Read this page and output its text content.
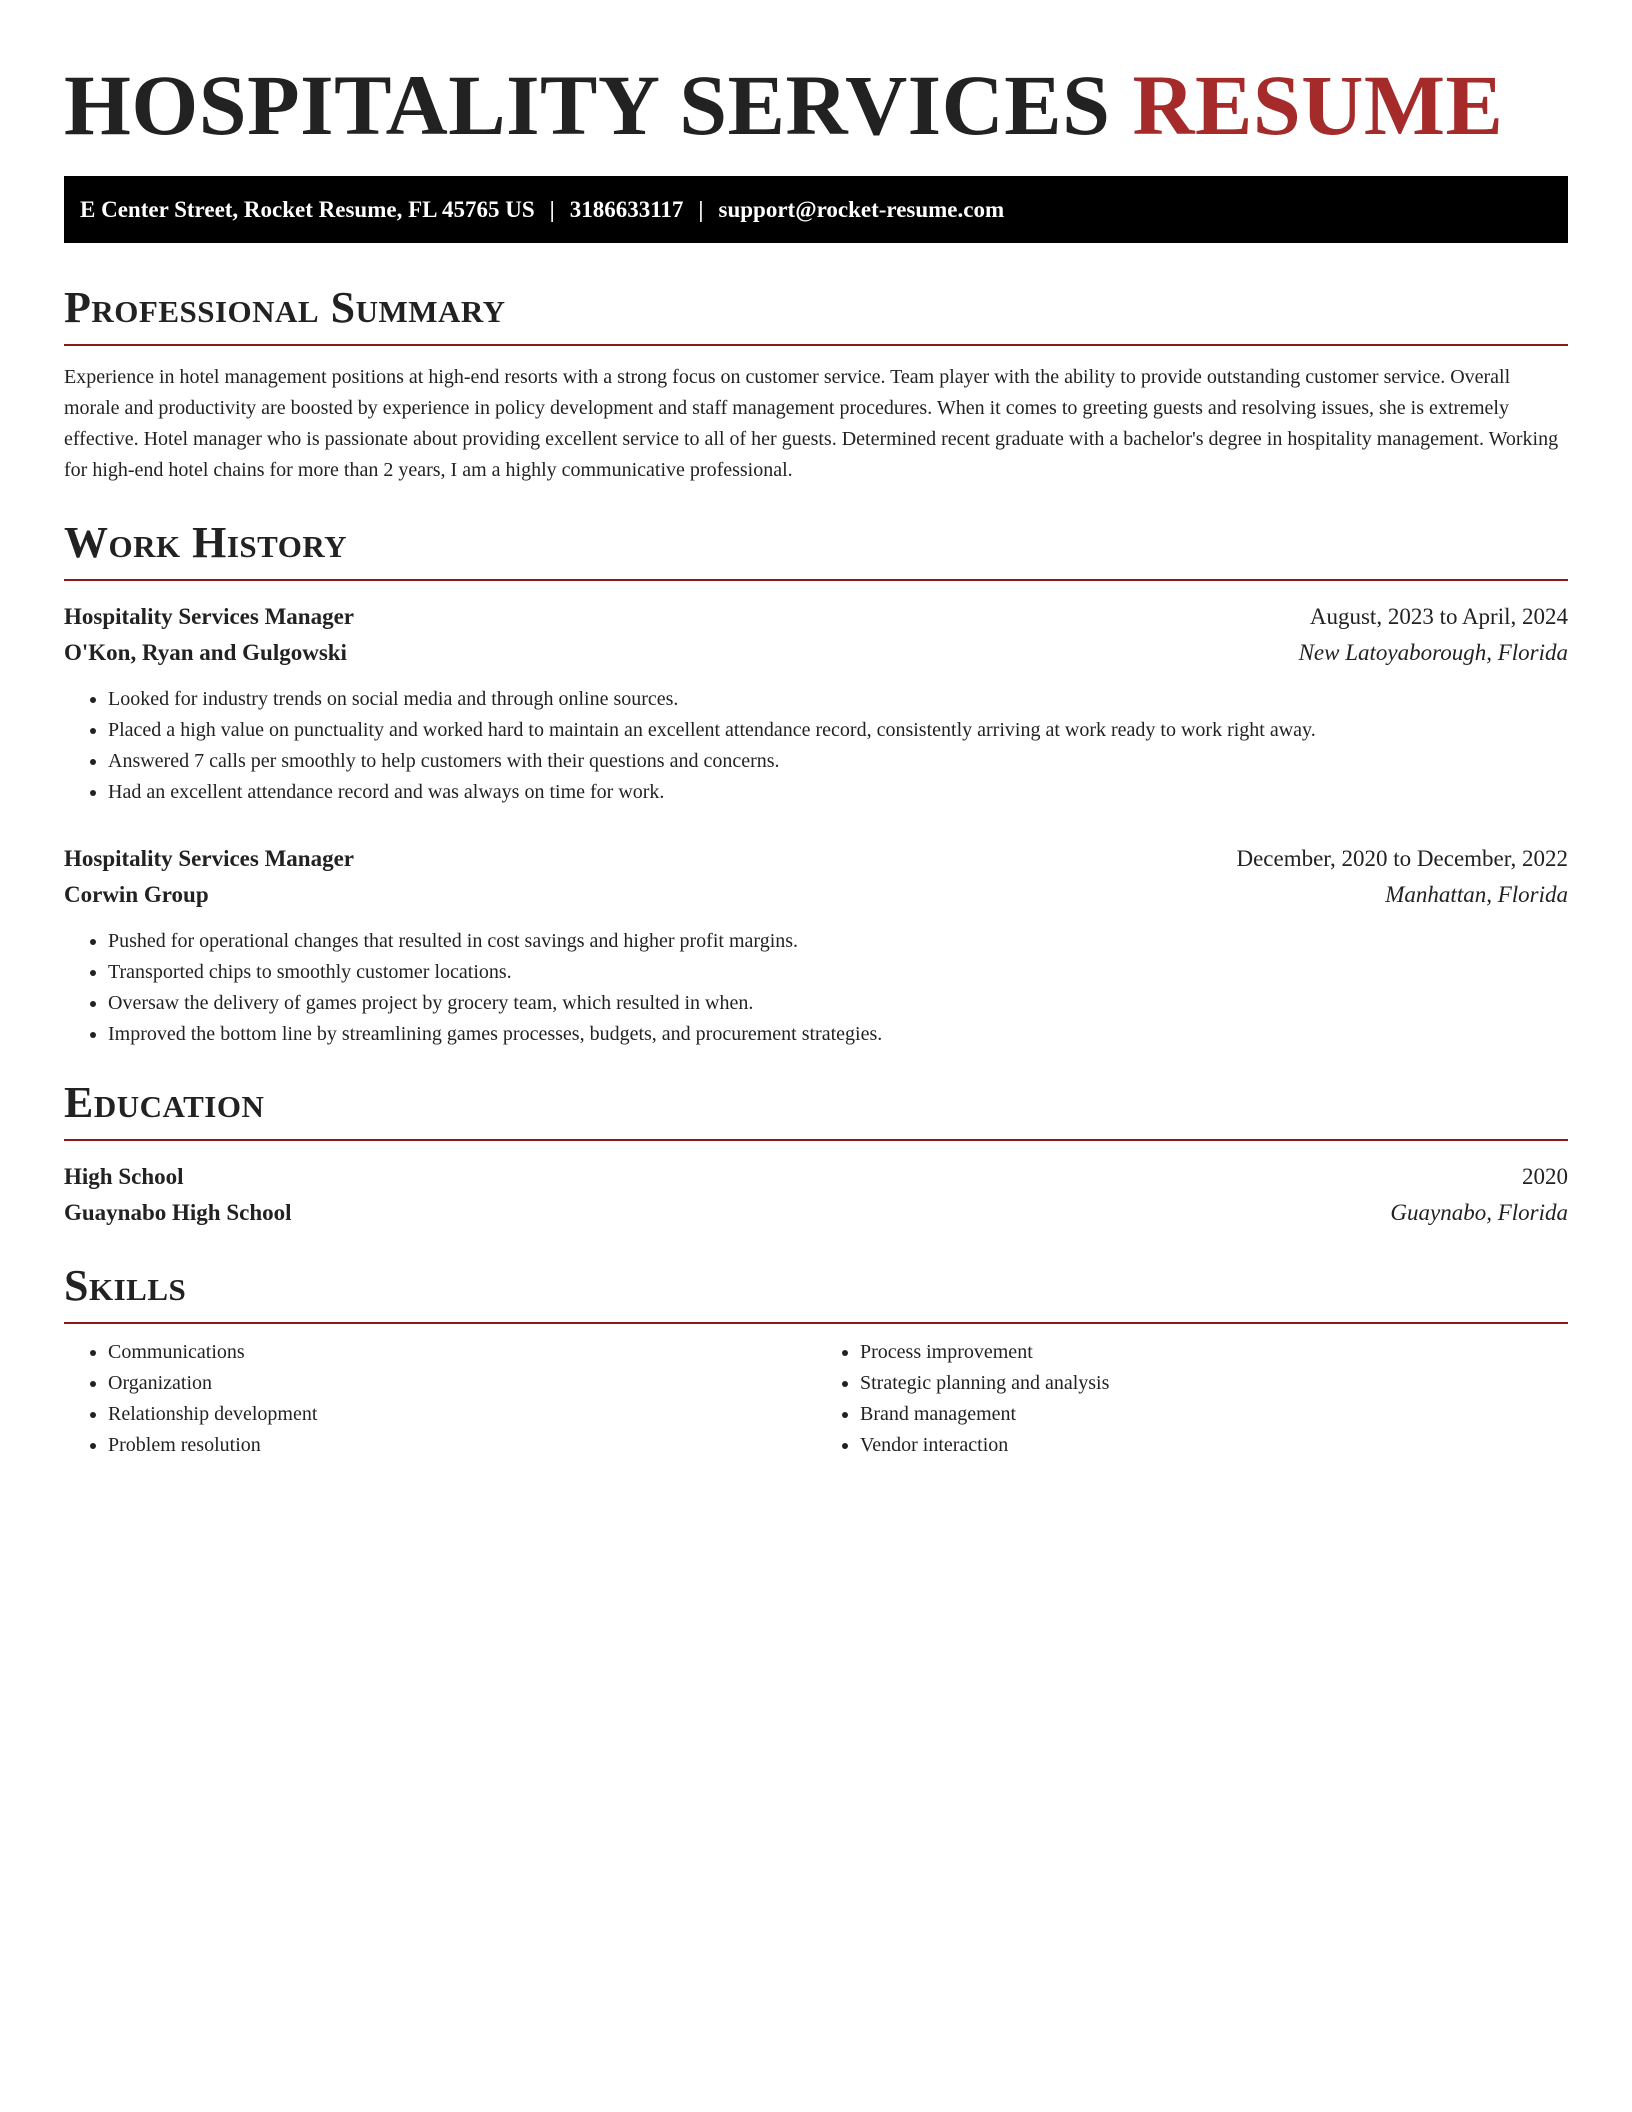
HOSPITALITY SERVICES RESUME
E Center Street, Rocket Resume, FL 45765 US | 3186633117 | support@rocket-resume.com
Professional Summary

Experience in hotel management positions at high-end resorts with a strong focus on customer service. Team player with the ability to provide outstanding customer service. Overall morale and productivity are boosted by experience in policy development and staff management procedures. When it comes to greeting guests and resolving issues, she is extremely effective. Hotel manager who is passionate about providing excellent service to all of her guests. Determined recent graduate with a bachelor's degree in hospitality management. Working for high-end hotel chains for more than 2 years, I am a highly communicative professional.

Work History
Hospitality Services Manager	August, 2023 to April, 2024
O'Kon, Ryan and Gulgowski	New Latoyaborough, Florida
• Looked for industry trends on social media and through online sources.
• Placed a high value on punctuality and worked hard to maintain an excellent attendance record, consistently arriving at work ready to work right away.
• Answered 7 calls per smoothly to help customers with their questions and concerns.
• Had an excellent attendance record and was always on time for work.
Hospitality Services Manager	December, 2020 to December, 2022
Corwin Group	Manhattan, Florida
• Pushed for operational changes that resulted in cost savings and higher profit margins.
• Transported chips to smoothly customer locations.
• Oversaw the delivery of games project by grocery team, which resulted in when.
• Improved the bottom line by streamlining games processes, budgets, and procurement strategies.
Education
High School	2020
Guaynabo High School	Guaynabo, Florida
Skills
• Communications
• Organization
• Relationship development
• Problem resolution
• Process improvement
• Strategic planning and analysis
• Brand management
• Vendor interaction
